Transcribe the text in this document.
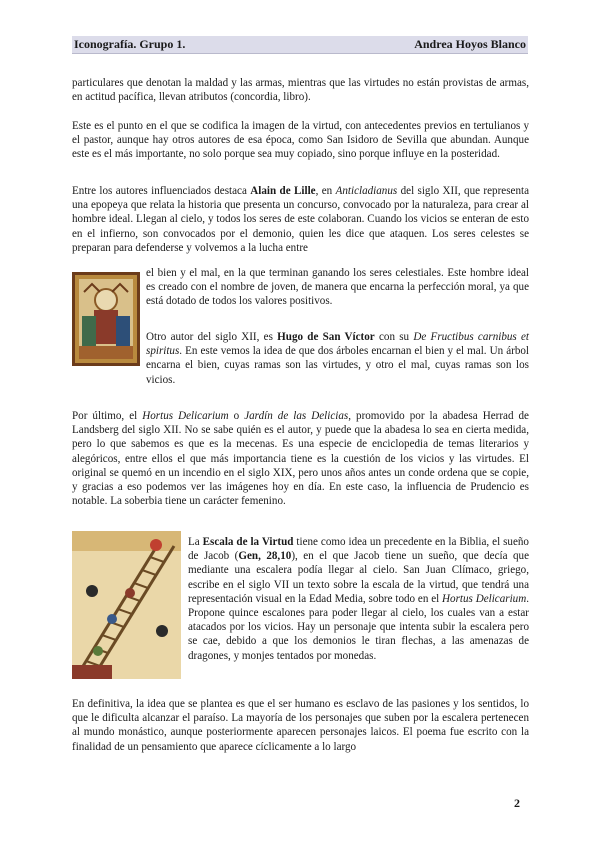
Iconografía. Grupo 1.	Andrea Hoyos Blanco

particulares que denotan la maldad y las armas, mientras que las virtudes no están provistas de armas, en actitud pacífica, llevan atributos (concordia, libro).

Este es el punto en el que se codifica la imagen de la virtud, con antecedentes previos en tertulianos y el pastor, aunque hay otros autores de esa época, como San Isidoro de Sevilla que abundan. Aunque este es el más importante, no solo porque sea muy copiado, sino porque influye en la posteridad.

Entre los autores influenciados destaca Alain de Lille, en Anticladianus del siglo XII, que representa una epopeya que relata la historia que presenta un concurso, convocado por la naturaleza, para crear al hombre ideal. Llegan al cielo, y todos los seres de este colaboran. Cuando los vicios se enteran de esto en el infierno, son convocados por el demonio, quien les dice que ataquen. Los seres celestes se preparan para defenderse y volvemos a la lucha entre

el bien y el mal, en la que terminan ganando los seres celestiales. Este hombre ideal es creado con el nombre de joven, de manera que encarna la perfección moral, ya que está dotado de todos los valores positivos.

Otro autor del siglo XII, es Hugo de San Víctor con su De Fructibus carnibus et spiritus. En este vemos la idea de que dos árboles encarnan el bien y el mal. Un árbol encarna el bien, cuyas ramas son las virtudes, y otro el mal, cuyas ramas son los vicios.

Por último, el Hortus Delicarium o Jardín de las Delicias, promovido por la abadesa Herrad de Landsberg del siglo XII. No se sabe quién es el autor, y puede que la abadesa lo sea en cierta medida, pero lo que sabemos es que es la mecenas. Es una especie de enciclopedia de temas literarios y alegóricos, entre ellos el que más importancia tiene es la cuestión de los vicios y las virtudes. El original se quemó en un incendio en el siglo XIX, pero unos años antes un conde ordena que se copie, y gracias a eso podemos ver las imágenes hoy en día. En este caso, la influencia de Prudencio es notable. La soberbia tiene un carácter femenino.

La Escala de la Virtud tiene como idea un precedente en la Biblia, el sueño de Jacob (Gen, 28,10), en el que Jacob tiene un sueño, que decía que mediante una escalera podía llegar al cielo. San Juan Clímaco, griego, escribe en el siglo VII un texto sobre la escala de la virtud, que tendrá una representación visual en la Edad Media, sobre todo en el Hortus Delicarium. Propone quince escalones para poder llegar al cielo, los cuales van a estar atacados por los vicios. Hay un personaje que intenta subir la escalera pero se cae, debido a que los demonios le tiran flechas, a las amenazas de dragones, y monjes tentados por monedas.

En definitiva, la idea que se plantea es que el ser humano es esclavo de las pasiones y los sentidos, lo que le dificulta alcanzar el paraíso. La mayoría de los personajes que suben por la escalera pertenecen al mundo monástico, aunque posteriormente aparecen personajes laicos. El poema fue escrito con la finalidad de un pensamiento que aparece cíclicamente a lo largo

2
